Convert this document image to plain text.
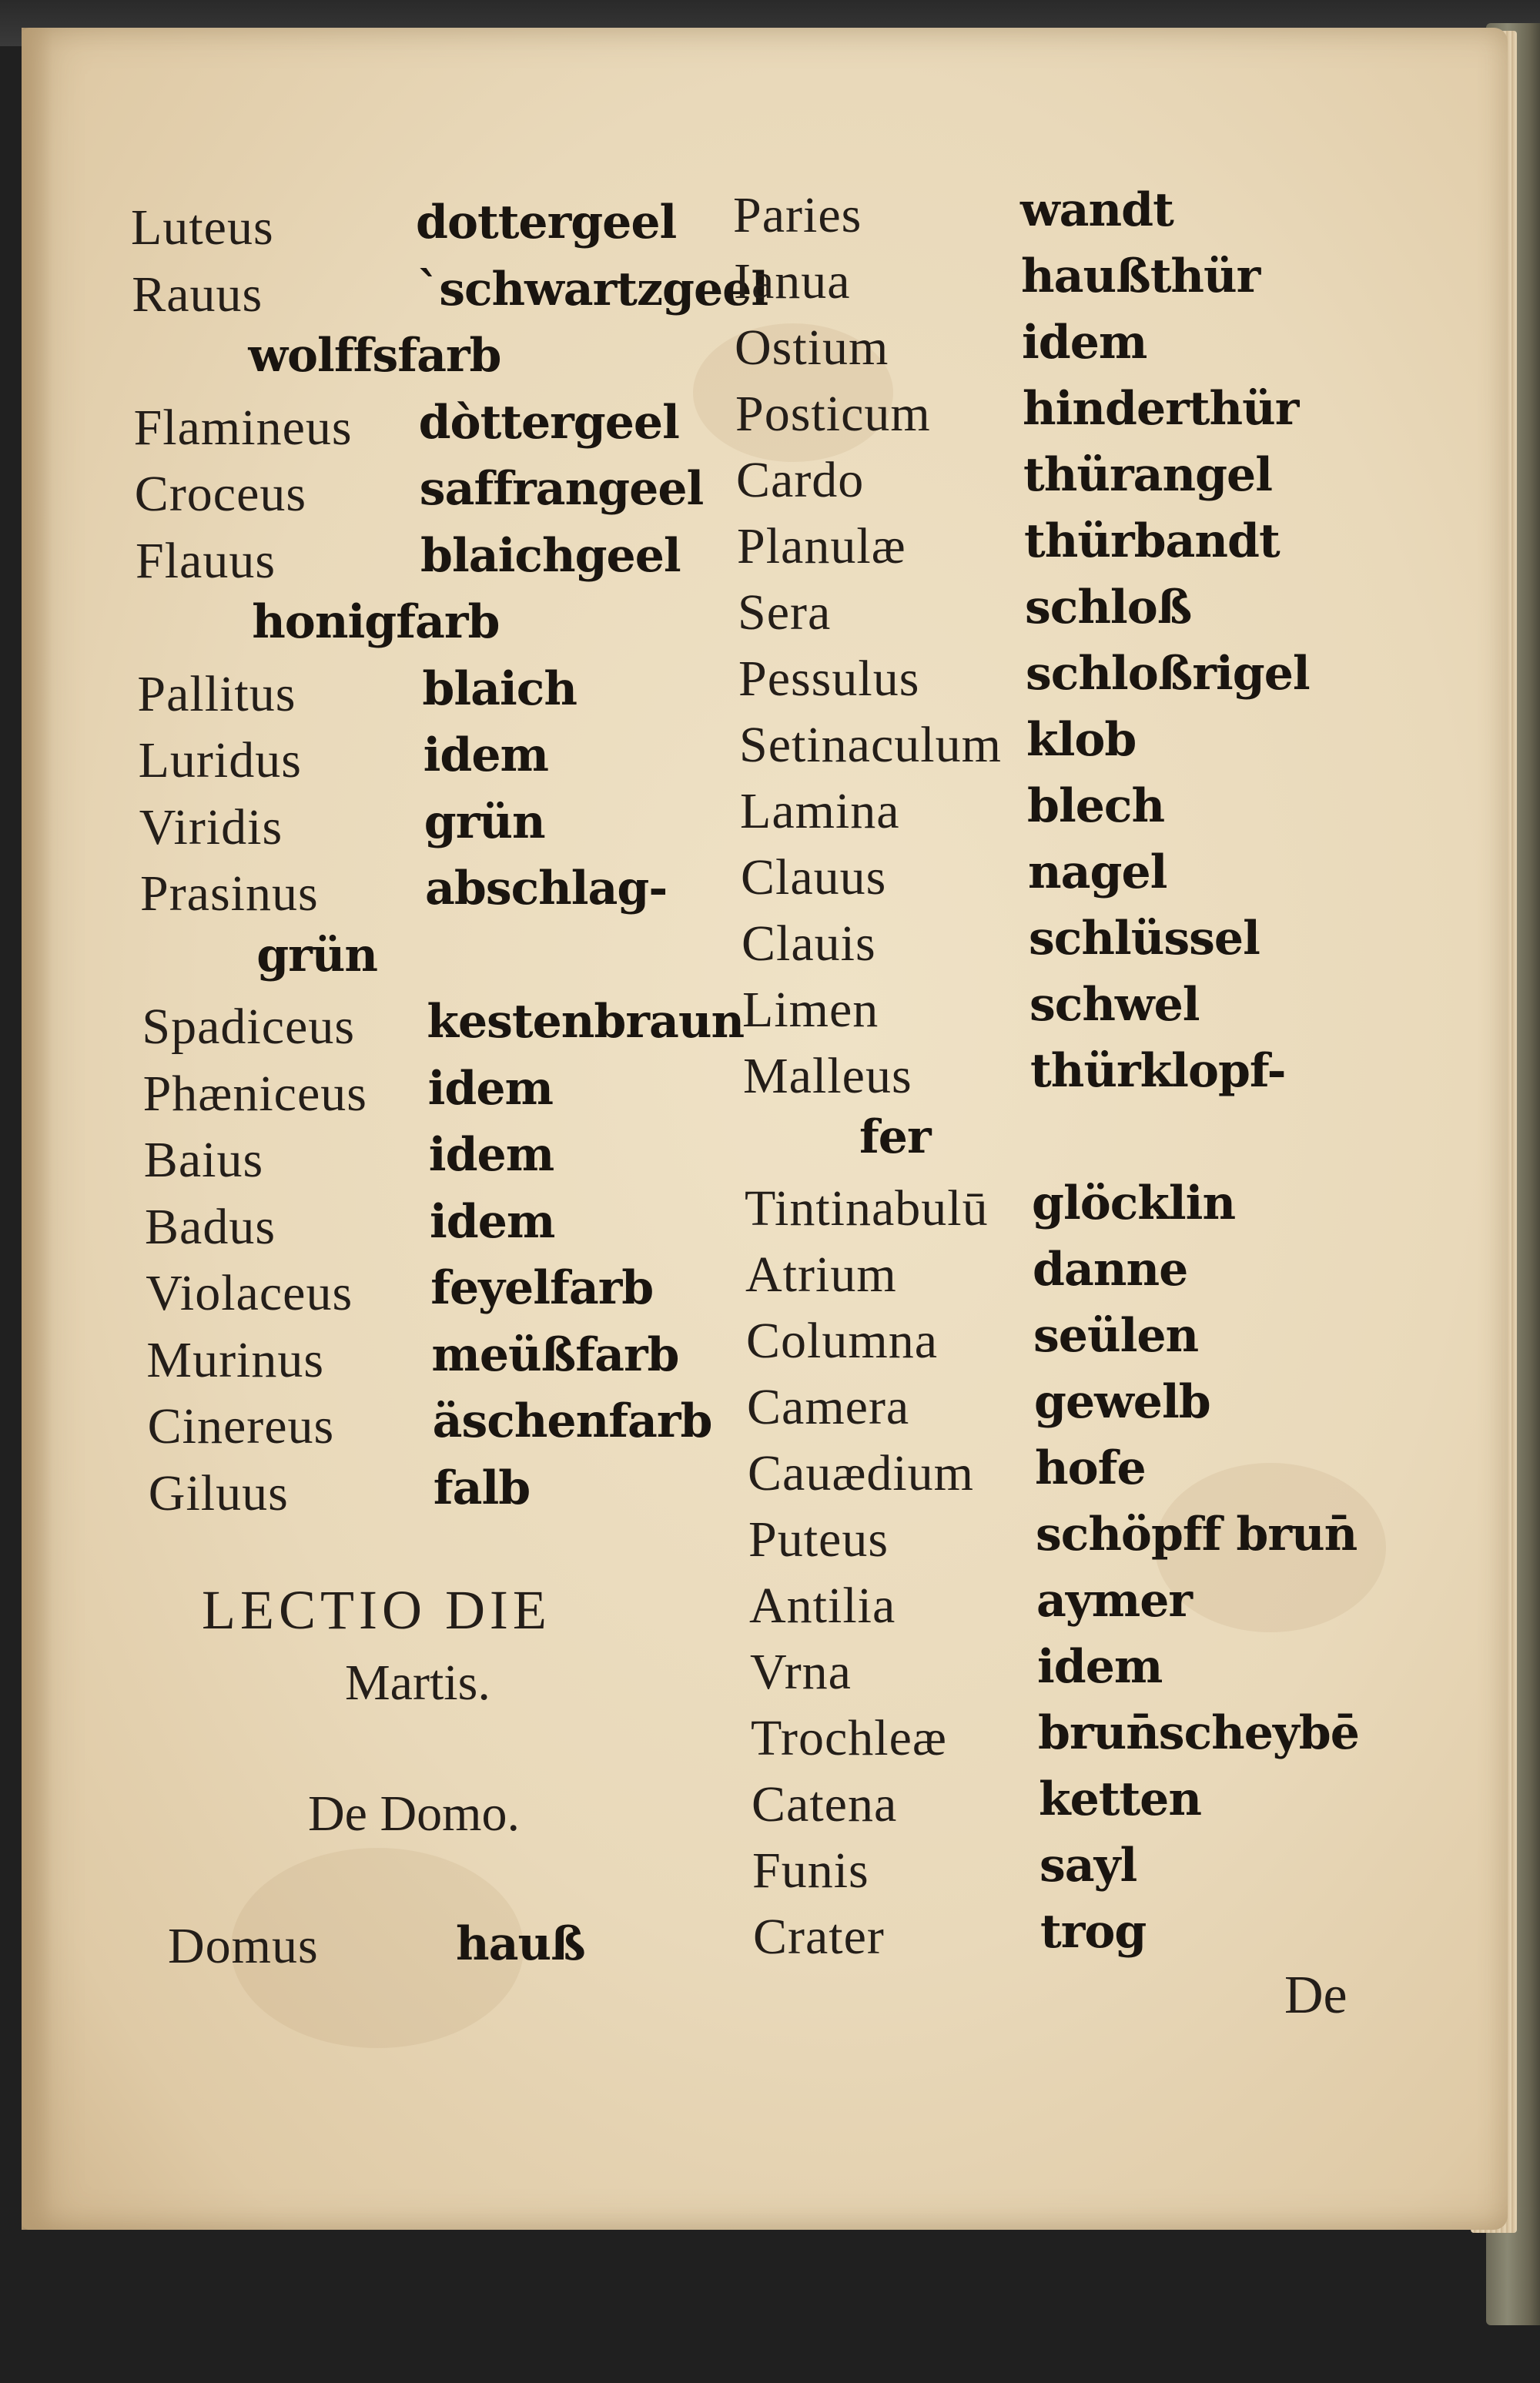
Luteus	dottergeel
Rauus	`schwartzgeel
wolffsfarb
Flamineus dòttergeel
Croceus saffrangeel
Flauus	blaichgeel
honigfarb
Pallitus	blaich
Luridus	idem
Viridis	grün
Prasinus abschlag-
grün
Spadiceus kestenbraun
Phæniceus idem
Baius	idem
Badus	idem
Violaceus feyelfarb
Murinus meüßfarb
Cinereus äschenfarb
Giluus	falb
LECTIO DIE
Martis.
De Domo.
Domus	hauß
Paries	wandt
Ianua	haußthür
Ostium	idem
Posticum hinderthür
Cardo	thürangel
Planulæ	thürbandt
Sera	schloß
Pessulus schloßrigel
Setinaculum klob
Lamina	blech
Clauus	nagel
Clauis	schlüssel
Limen	schwel
Malleus	thürklopf-
fer
Tintinabulū glöcklin
Atrium	danne
Columna seülen
Camera	gewelb
Cauædium hofe
Puteus	schöpff brun̄
Antilia	aymer
Vrna	idem
Trochleæ brun̄scheybē
Catena	ketten
Funis	sayl
Crater	trog
De
